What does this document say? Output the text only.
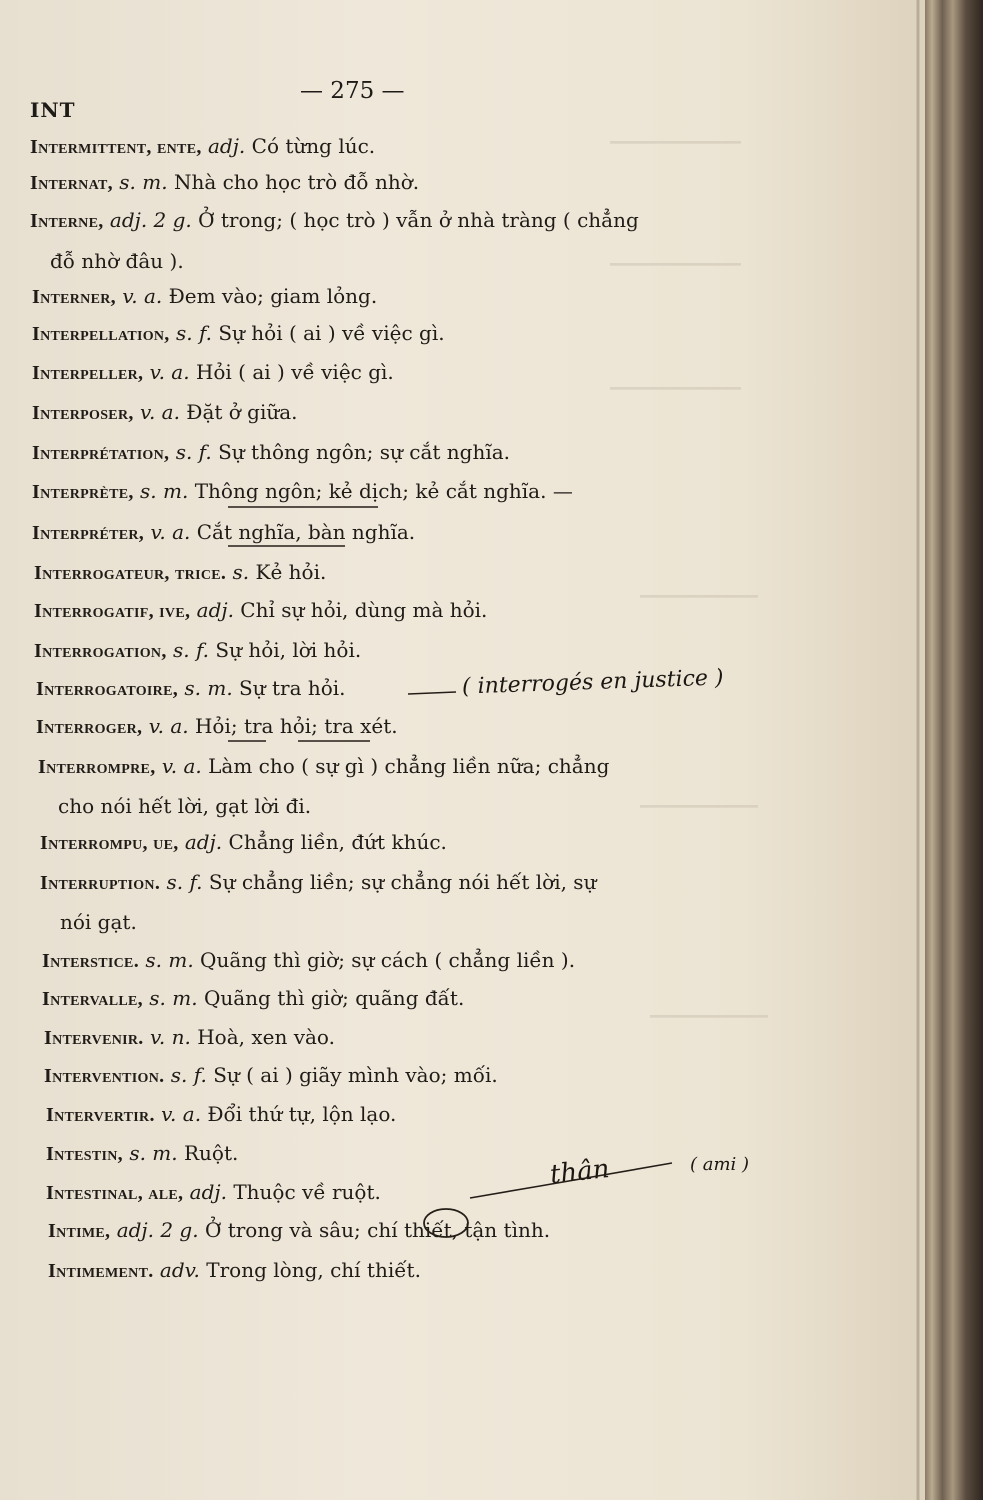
▔▔▔▔▔▔▔▔▔▔
▔▔▔▔▔▔▔▔▔▔
▔▔▔▔▔▔▔▔▔▔
▔▔▔▔▔▔▔▔▔
▔▔▔▔▔▔▔▔▔
▔▔▔▔▔▔▔▔▔
INT
— 275 —
Intermittent, ente, adj. Có từng lúc.
Internat, s. m. Nhà cho học trò đỗ nhờ.
Interne, adj. 2 g. Ở trong; ( học trò ) vẫn ở nhà tràng ( chẳng
đỗ nhờ đâu ).
Interner, v. a. Đem vào; giam lỏng.
Interpellation, s. f. Sự hỏi ( ai ) về việc gì.
Interpeller, v. a. Hỏi ( ai ) về việc gì.
Interposer, v. a. Đặt ở giữa.
Interprétation, s. f. Sự thông ngôn; sự cắt nghĩa.
Interprète, s. m. Thông ngôn; kẻ dịch; kẻ cắt nghĩa. —
Interpréter, v. a. Cắt nghĩa, bàn nghĩa.
Interrogateur, trice. s. Kẻ hỏi.
Interrogatif, ive, adj. Chỉ sự hỏi, dùng mà hỏi.
Interrogation, s. f. Sự hỏi, lời hỏi.
Interrogatoire, s. m. Sự tra hỏi.
Interroger, v. a. Hỏi; tra hỏi; tra xét.
Interrompre, v. a. Làm cho ( sự gì ) chẳng liền nữa; chẳng
cho nói hết lời, gạt lời đi.
Interrompu, ue, adj. Chẳng liền, đứt khúc.
Interruption. s. f. Sự chẳng liền; sự chẳng nói hết lời, sự
nói gạt.
Interstice. s. m. Quãng thì giờ; sự cách ( chẳng liền ).
Intervalle, s. m. Quãng thì giờ; quãng đất.
Intervenir. v. n. Hoà, xen vào.
Intervention. s. f. Sự ( ai ) giãy mình vào; mối.
Intervertir. v. a. Đổi thứ tự, lộn lạo.
Intestin, s. m. Ruột.
Intestinal, ale, adj. Thuộc về ruột.
Intime, adj. 2 g. Ở trong và sâu; chí thiết, tận tình.
Intimement. adv. Trong lòng, chí thiết.
( interrogés en justice )
thân	( ami )
